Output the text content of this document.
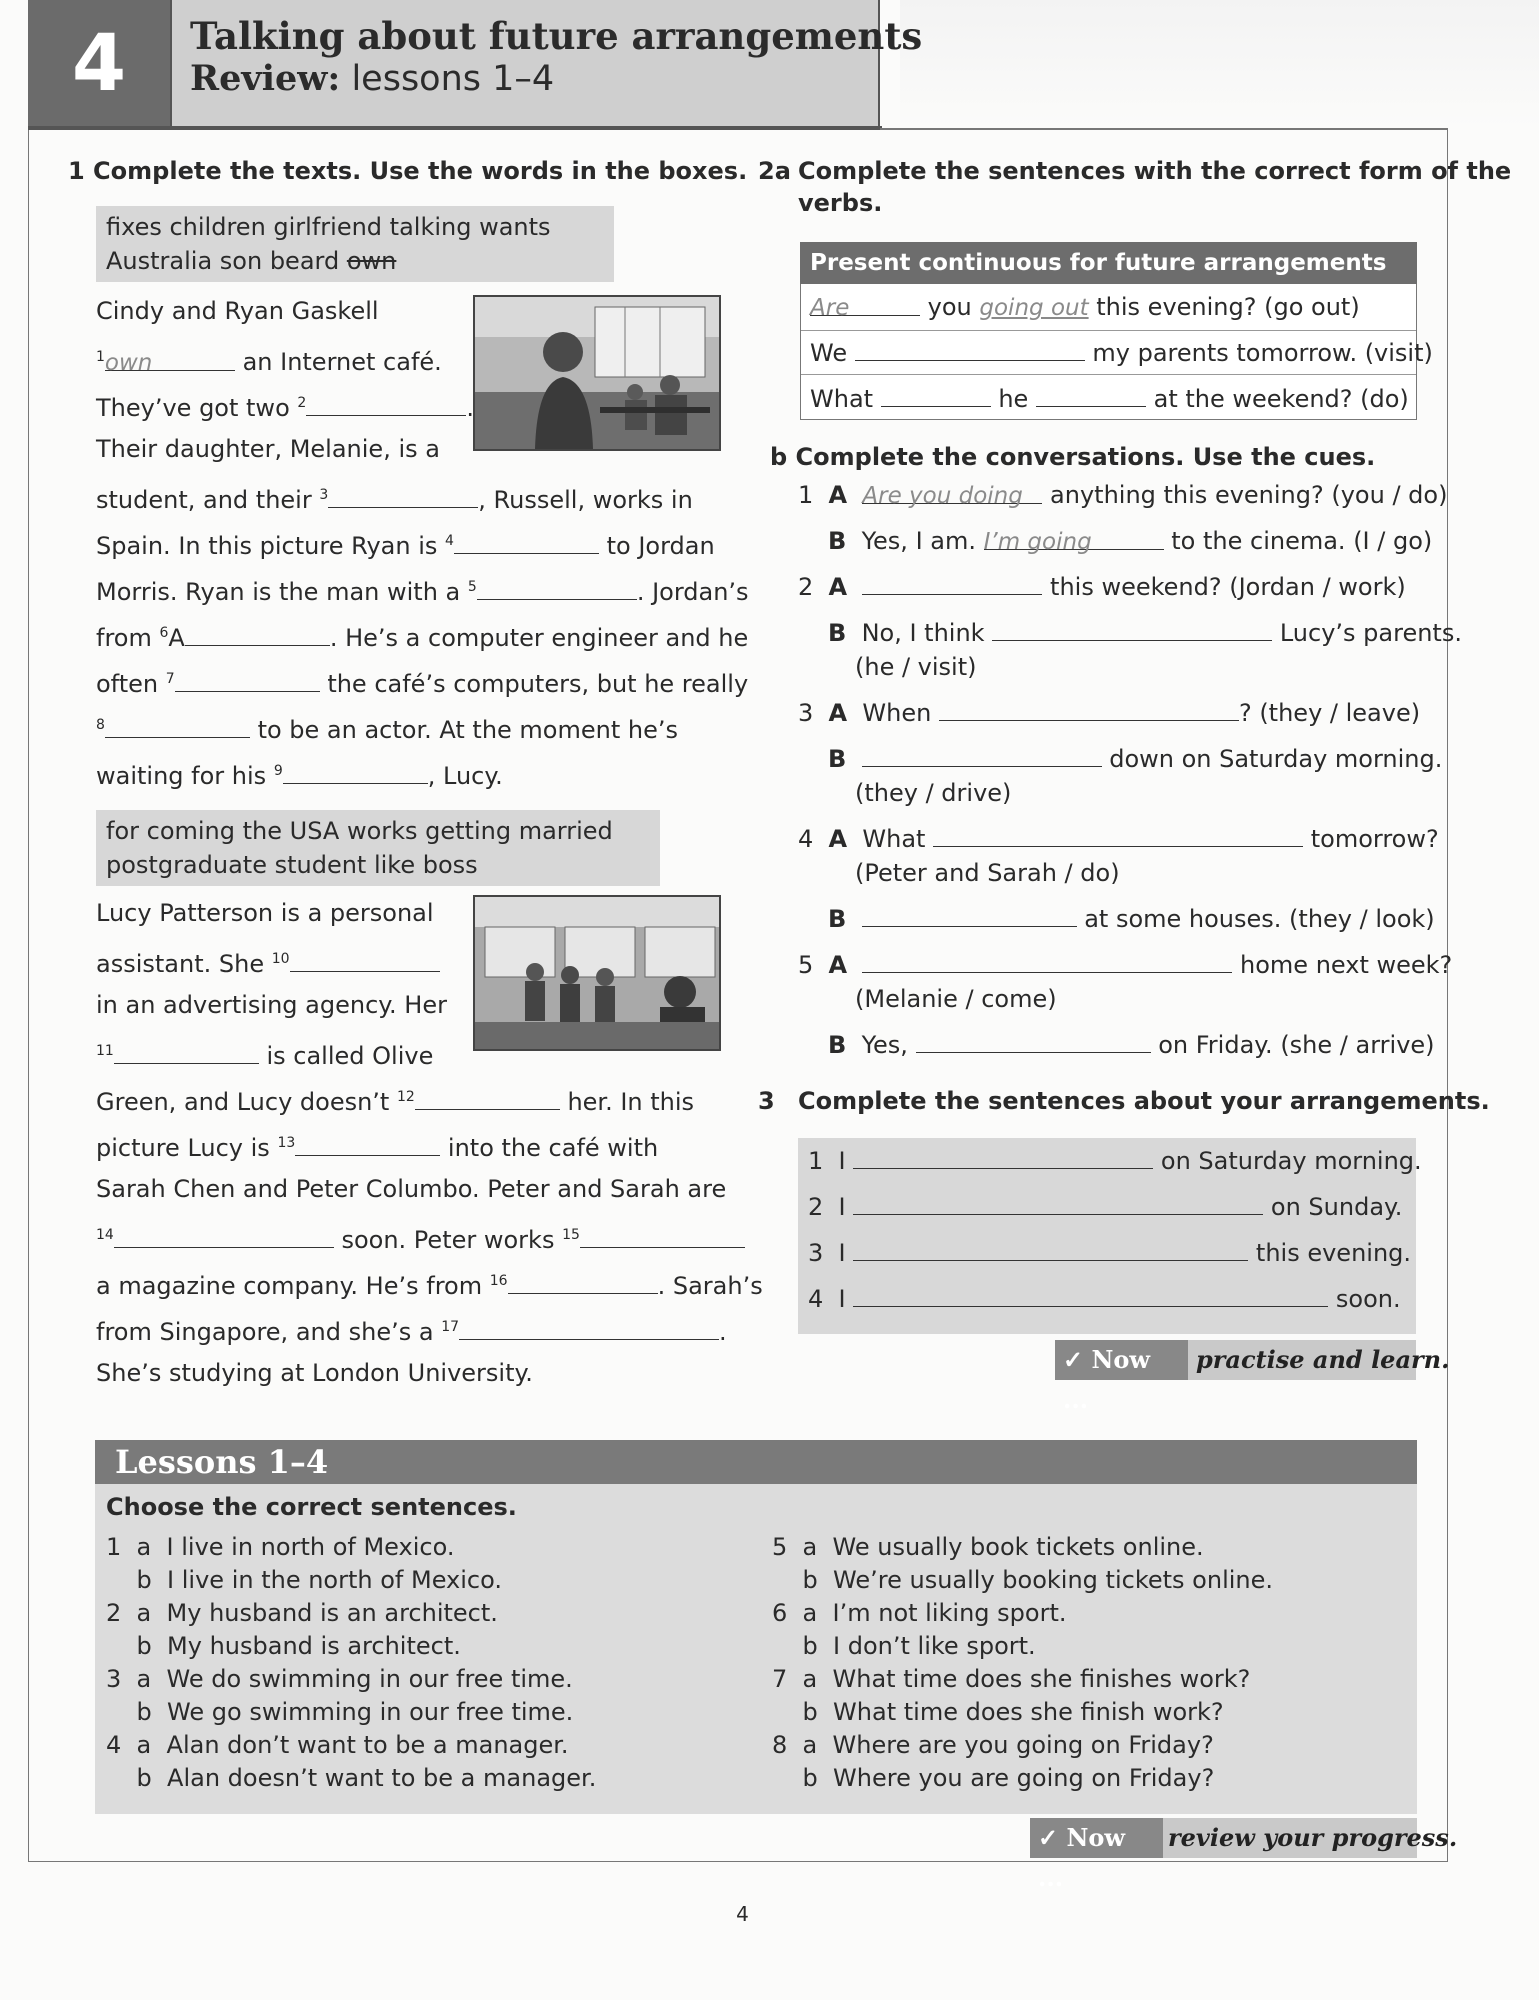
4	Talking about future arrangements
Review: lessons 1–4
1 Complete the texts. Use the words in the boxes.
fixes children girlfriend talking wants
Australia son beard own
Cindy and Ryan Gaskell
$^1$own	an Internet café.
They’ve got two $^2$	.
Their daughter, Melanie, is a
student, and their $^3$	, Russell, works in
Spain. In this picture Ryan is $^4$	to Jordan
Morris. Ryan is the man with a $^5$	. Jordan’s
from $^6$A	. He’s a computer engineer and he
often $^7$	the café’s computers, but he really
$^8$	to be an actor. At the moment he’s
waiting for his $^9$	, Lucy.
for coming the USA works getting married
postgraduate student like boss
Lucy Patterson is a personal
assistant. She $^{10}$
in an advertising agency. Her
$^{11}$	is called Olive
Green, and Lucy doesn’t $^{12}$	her. In this
picture Lucy is $^{13}$	into the café with
Sarah Chen and Peter Columbo. Peter and Sarah are
$^{14}$	soon. Peter works $^{15}$
a magazine company. He’s from $^{16}$	. Sarah’s
from Singapore, and she’s a $^{17}$	.
She’s studying at London University.
2a Complete the sentences with the correct form of the
verbs.
Present continuous for future arrangements
Are	you going out this evening? (go out)
We	my parents tomorrow. (visit)
What	he	at the weekend? (do)
b Complete the conversations. Use the cues.
1 A Are you doing anything this evening? (you / do)
B Yes, I am. I’m going	to the cinema. (I / go)
2 A	this weekend? (Jordan / work)
B No, I think	Lucy’s parents.
(he / visit)
3 A When	? (they / leave)
B	down on Saturday morning.
(they / drive)
4 A What	tomorrow?
(Peter and Sarah / do)
B	at some houses. (they / look)
5 A	home next week?
(Melanie / come)
B Yes,	on Friday. (she / arrive)
3 Complete the sentences about your arrangements.
1 I	on Saturday morning.
2 I	on Sunday.
3 I	this evening.
4 I	soon.
✓ Now ...
practise and learn.
Lessons 1–4
Choose the correct sentences.
1 a I live in north of Mexico.
b I live in the north of Mexico.
2 a My husband is an architect.
b My husband is architect.
3 a We do swimming in our free time.
b We go swimming in our free time.
4 a Alan don’t want to be a manager.
b Alan doesn’t want to be a manager.
5 a We usually book tickets online.
b We’re usually booking tickets online.
6 a I’m not liking sport.
b I don’t like sport.
7 a What time does she finishes work?
b What time does she finish work?
8 a Where are you going on Friday?
b Where you are going on Friday?
✓ Now ...
review your progress.
4
